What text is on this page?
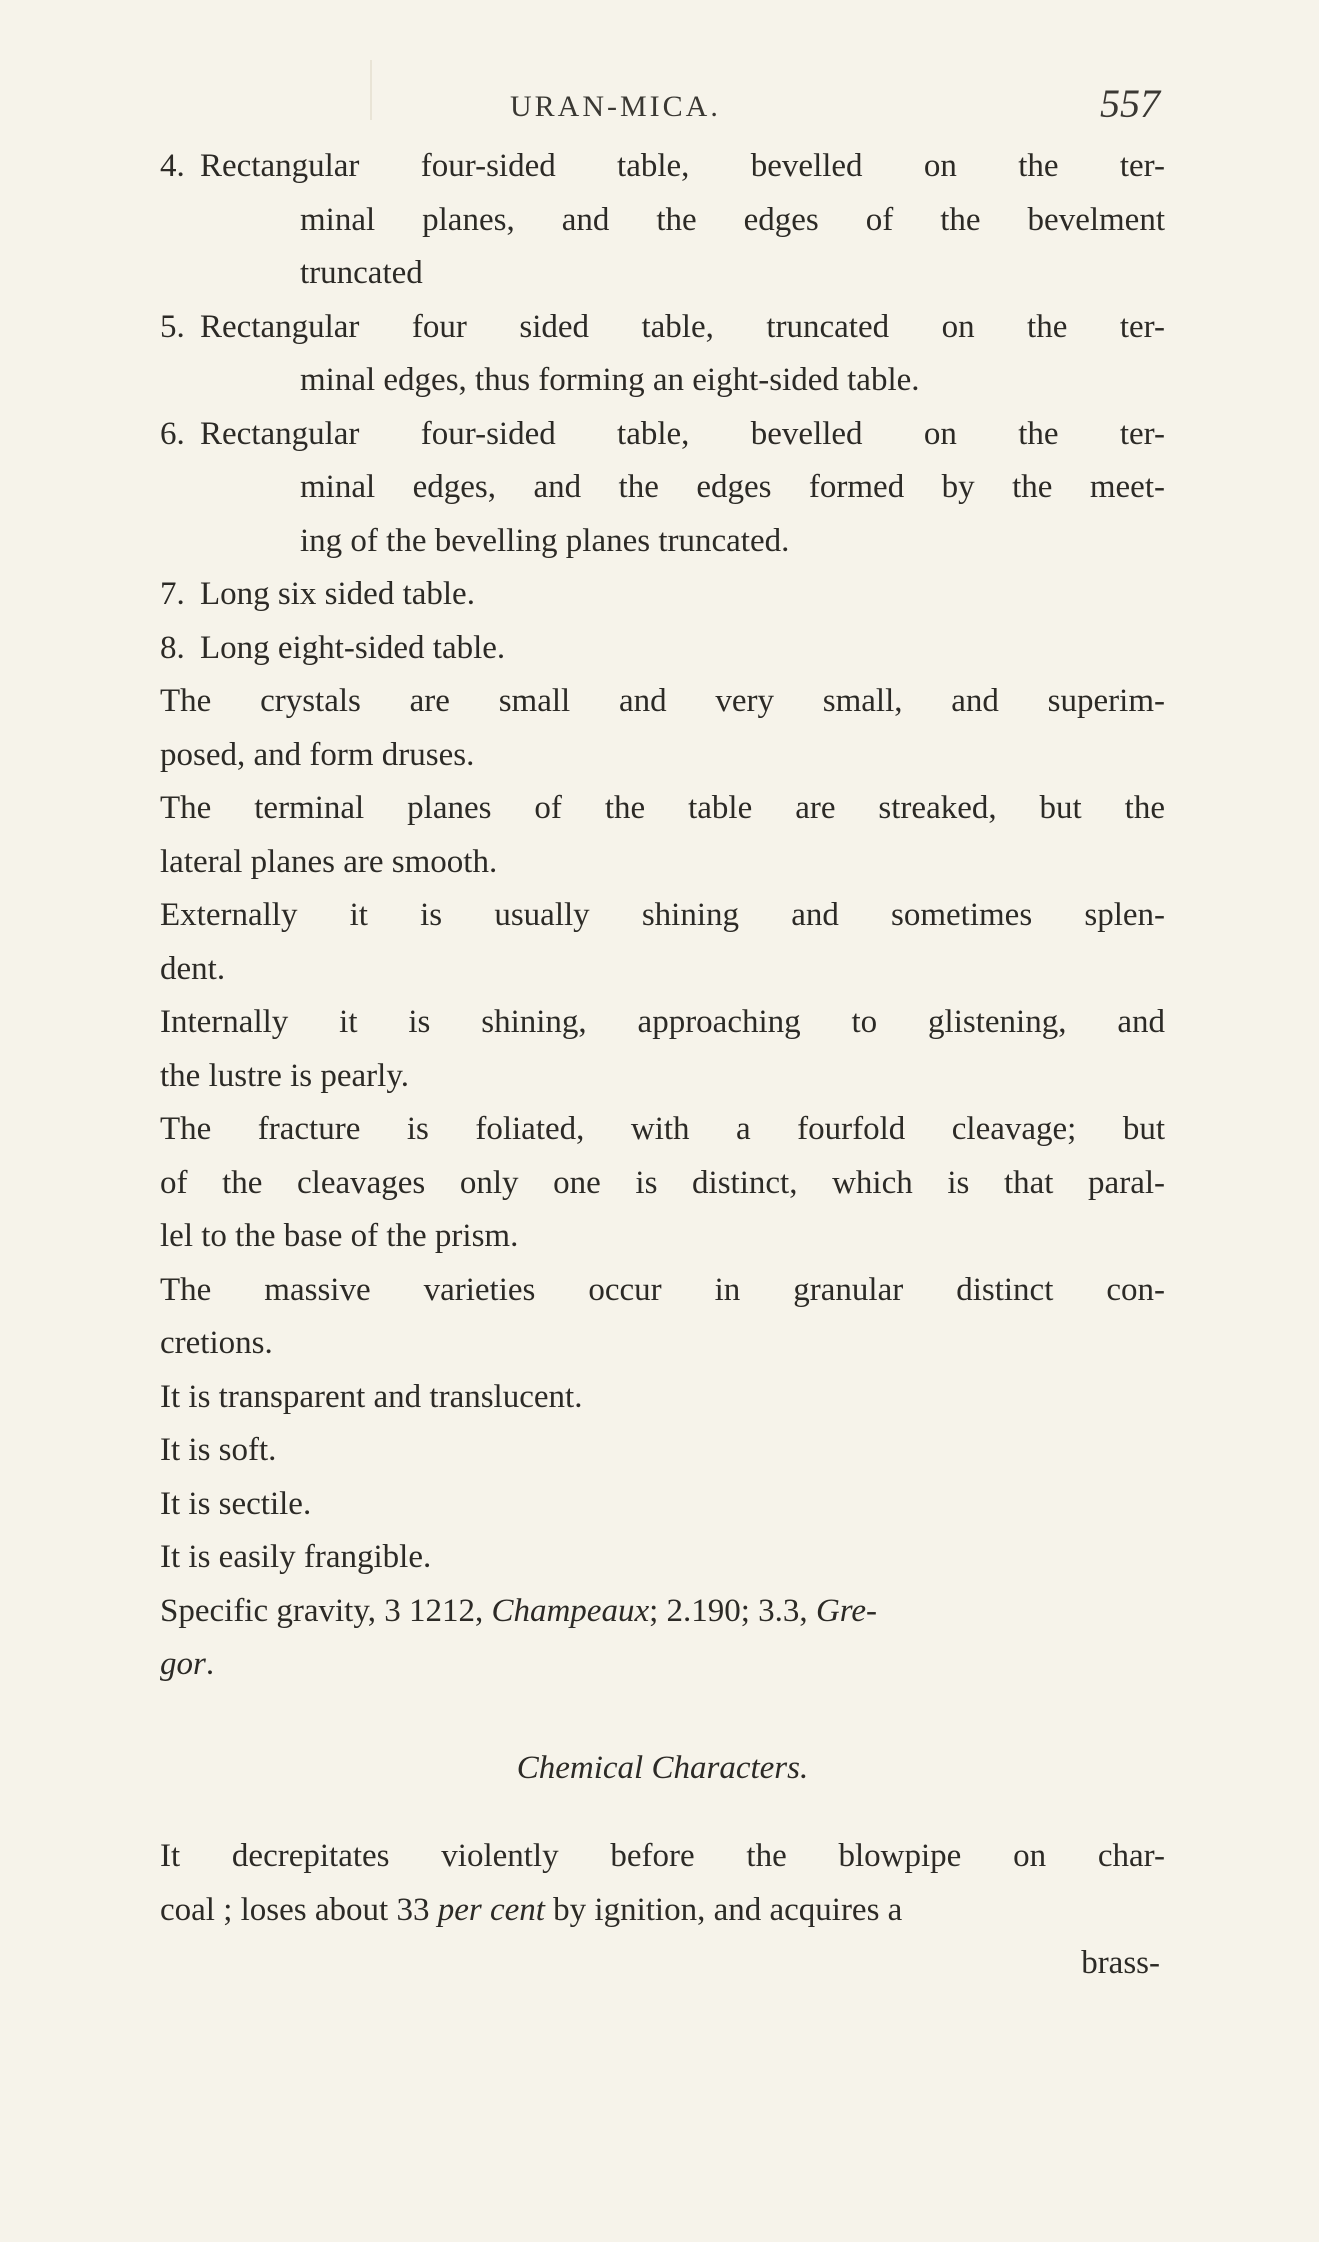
URAN-MICA.	557
4. Rectangular four-sided table, bevelled on the ter-
minal planes, and the edges of the bevelment
truncated
5. Rectangular four sided table, truncated on the ter-
minal edges, thus forming an eight-sided table.
6. Rectangular four-sided table, bevelled on the ter-
minal edges, and the edges formed by the meet-
ing of the bevelling planes truncated.
7. Long six sided table.
8. Long eight-sided table.
The crystals are small and very small, and superim-
posed, and form druses.
The terminal planes of the table are streaked, but the
lateral planes are smooth.
Externally it is usually shining and sometimes splen-
dent.
Internally it is shining, approaching to glistening, and
the lustre is pearly.
The fracture is foliated, with a fourfold cleavage; but
of the cleavages only one is distinct, which is that paral-
lel to the base of the prism.
The massive varieties occur in granular distinct con-
cretions.
It is transparent and translucent.
It is soft.
It is sectile.
It is easily frangible.
Specific gravity, 3 1212, Champeaux; 2.190; 3.3, Gre-
gor.
Chemical Characters.
It decrepitates violently before the blowpipe on char-
coal ; loses about 33 per cent by ignition, and acquires a
brass-
